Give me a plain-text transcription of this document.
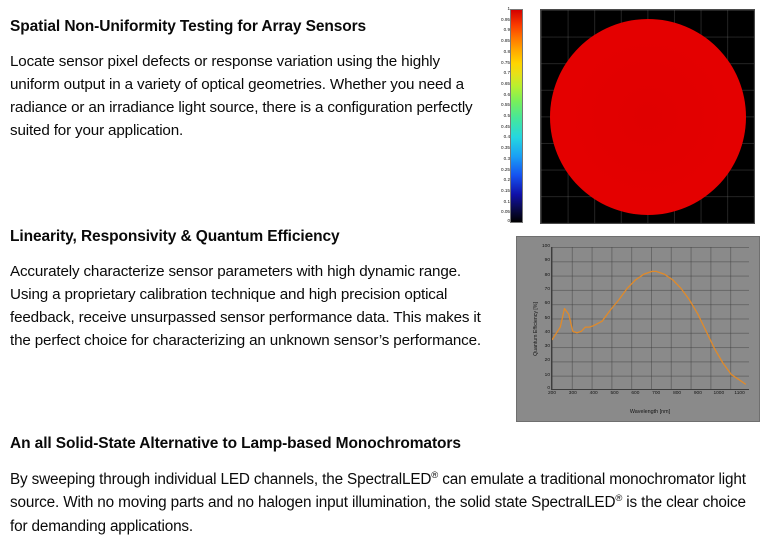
Spatial Non-Uniformity Testing for Array Sensors

Locate sensor pixel defects or response variation using the highly uniform output in a variety of optical geometries. Whether you need a radiance or an irradiance light source, there is a configuration perfectly suited for your application.

1
0.95
0.9
0.85
0.8
0.75
0.7
0.65
0.6
0.55
0.5
0.45
0.4
0.35
0.3
0.25
0.2
0.15
0.1
0.05
0
Linearity, Responsivity & Quantum Efficiency

Accurately characterize sensor parameters with high dynamic range. Using a proprietary calibration technique and high precision optical feedback, receive unsurpassed sensor performance data. This makes it the perfect choice for characterizing an unknown sensor’s performance.	Quantum Efficiency [%]
Wavelength [nm]
100
90
80
70
60
50
40
30
20
10
0
200	300	400	500	600	700	800	900 1000 1100
An all Solid-State Alternative to Lamp-based Monochromators

By sweeping through individual LED channels, the SpectralLED® can emulate a traditional monochromator light source. With no moving parts and no halogen input illumination, the solid state SpectralLED® is the clear choice for demanding applications.
